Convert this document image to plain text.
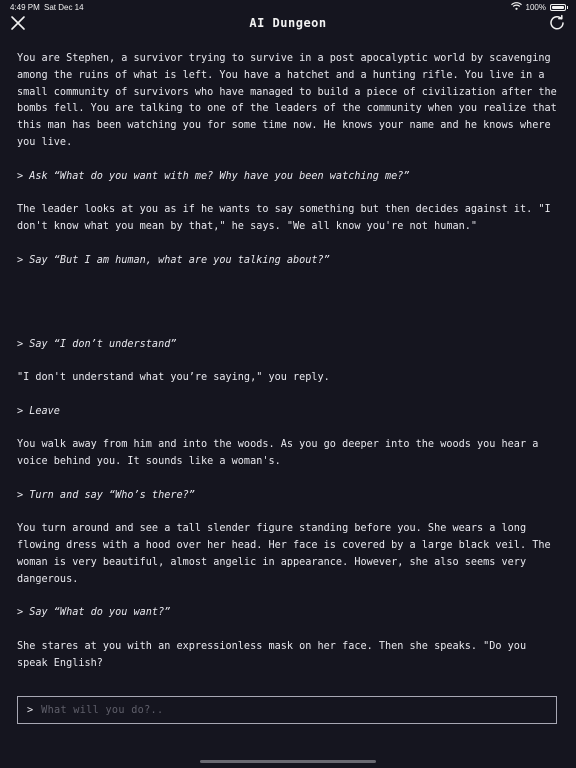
4:49 PM Sat Dec 14	100%
AI Dungeon
You are Stephen, a survivor trying to survive in a post apocalyptic world by scavenging among the ruins of what is left. You have a hatchet and a hunting rifle. You live in a small community of survivors who have managed to build a piece of civilization after the bombs fell. You are talking to one of the leaders of the community when you realize that this man has been watching you for some time now. He knows your name and he knows where you live.
> Ask “What do you want with me? Why have you been watching me?”
The leader looks at you as if he wants to say something but then decides against it. "I don't know what you mean by that," he says. "We all know you're not human."
> Say “But I am human, what are you talking about?”
> Say “I don’t understand”
"I don't understand what you’re saying," you reply.
> Leave
You walk away from him and into the woods. As you go deeper into the woods you hear a voice behind you. It sounds like a woman's.
> Turn and say “Who’s there?”
You turn around and see a tall slender figure standing before you. She wears a long flowing dress with a hood over her head. Her face is covered by a large black veil. The woman is very beautiful, almost angelic in appearance. However, she also seems very dangerous.
> Say “What do you want?”
She stares at you with an expressionless mask on her face. Then she speaks. "Do you speak English?
>
What will you do?..
